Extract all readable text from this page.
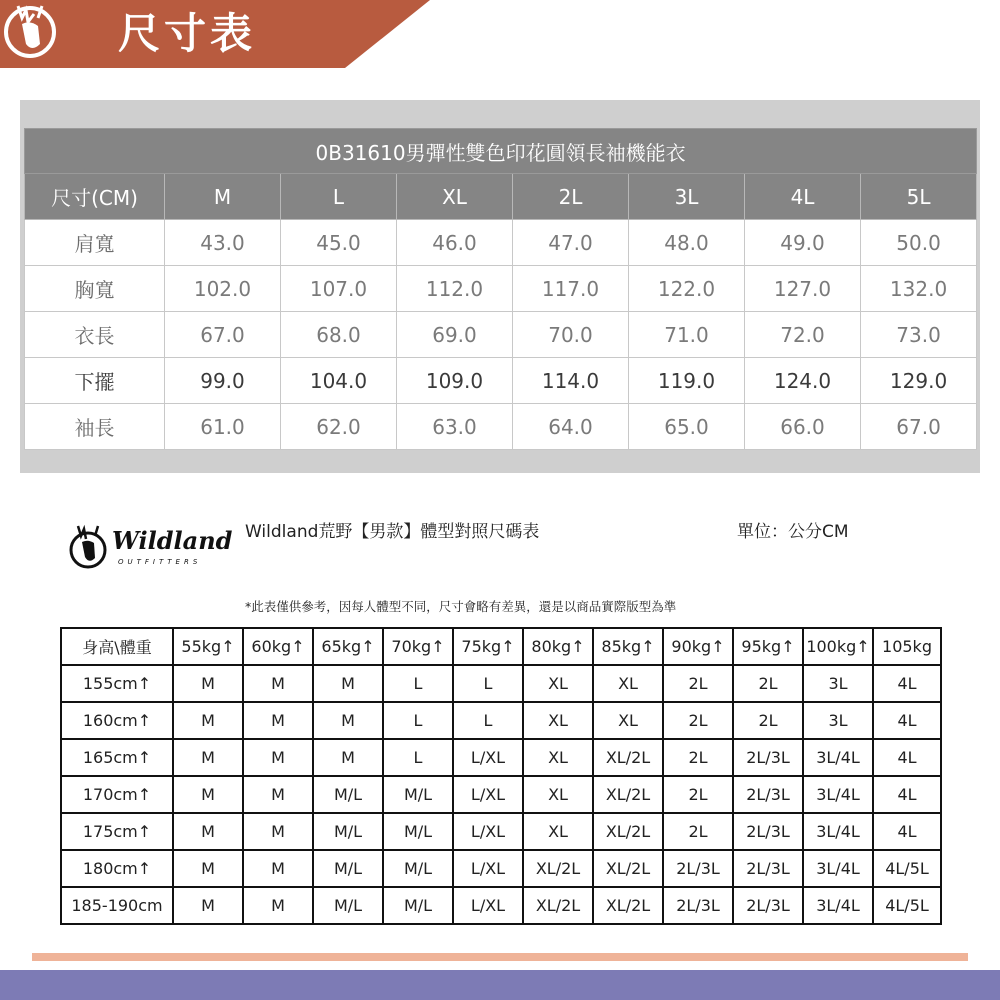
尺寸表
0B31610男彈性雙色印花圓領長袖機能衣							
尺寸(CM)	M	L	XL	2L	3L	4L	5L
肩寬	43.0	45.0	46.0	47.0	48.0	49.0	50.0
胸寬	102.0	107.0	112.0	117.0	122.0	127.0	132.0
衣長	67.0	68.0	69.0	70.0	71.0	72.0	73.0
下擺	99.0	104.0	109.0	114.0	119.0	124.0	129.0
袖長	61.0	62.0	63.0	64.0	65.0	66.0	67.0
Wildland
OUTFITTERS
Wildland荒野【男款】體型對照尺碼表	單位：公分CM
*此表僅供參考，因每人體型不同，尺寸會略有差異，還是以商品實際版型為準
身高\體重	55kg↑	60kg↑	65kg↑	70kg↑	75kg↑	80kg↑	85kg↑	90kg↑	95kg↑	100kg↑	105kg
155cm↑	M	M	M	L	L	XL	XL	2L	2L	3L	4L
160cm↑	M	M	M	L	L	XL	XL	2L	2L	3L	4L
165cm↑	M	M	M	L	L/XL	XL	XL/2L	2L	2L/3L	3L/4L	4L
170cm↑	M	M	M/L	M/L	L/XL	XL	XL/2L	2L	2L/3L	3L/4L	4L
175cm↑	M	M	M/L	M/L	L/XL	XL	XL/2L	2L	2L/3L	3L/4L	4L
180cm↑	M	M	M/L	M/L	L/XL	XL/2L	XL/2L	2L/3L	2L/3L	3L/4L	4L/5L
185-190cm	M	M	M/L	M/L	L/XL	XL/2L	XL/2L	2L/3L	2L/3L	3L/4L	4L/5L
